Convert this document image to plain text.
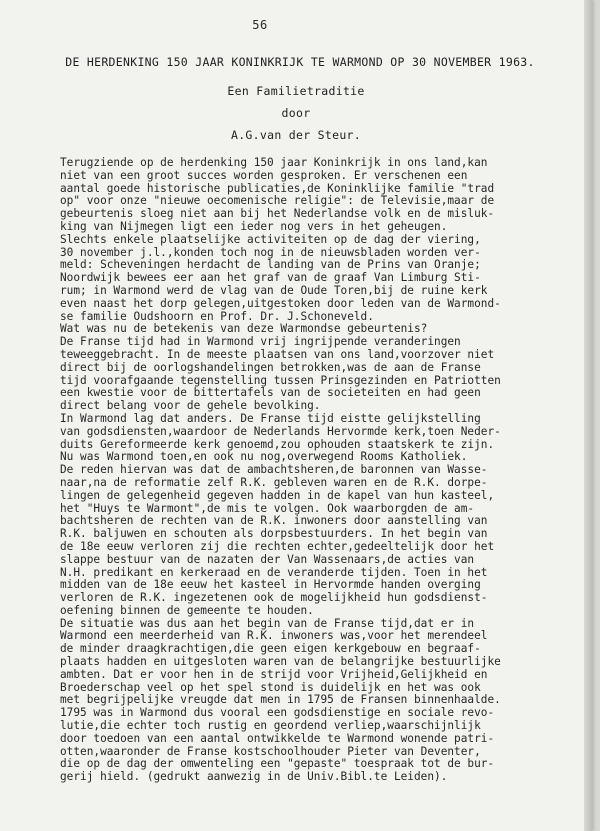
56
DE HERDENKING 150 JAAR KONINKRIJK TE WARMOND OP 30 NOVEMBER 1963.
Een Familietraditie
door
A.G.van der Steur.
Terugziende op de herdenking 150 jaar Koninkrijk in ons land,kan
niet van een groot succes worden gesproken. Er verschenen een
aantal goede historische publicaties,de Koninklijke familie "trad
op" voor onze "nieuwe oecomenische religie": de Televisie,maar de
gebeurtenis sloeg niet aan bij het Nederlandse volk en de misluk-
king van Nijmegen ligt een ieder nog vers in het geheugen.
Slechts enkele plaatselijke activiteiten op de dag der viering,
30 november j.l.,konden toch nog in de nieuwsbladen worden ver-
meld: Scheveningen herdacht de landing van de Prins van Oranje;
Noordwijk bewees eer aan het graf van de graaf Van Limburg Sti-
rum; in Warmond werd de vlag van de Oude Toren,bij de ruine kerk
even naast het dorp gelegen,uitgestoken door leden van de Warmond-
se familie Oudshoorn en Prof. Dr. J.Schoneveld.
Wat was nu de betekenis van deze Warmondse gebeurtenis?
De Franse tijd had in Warmond vrij ingrijpende veranderingen
teweeggebracht. In de meeste plaatsen van ons land,voorzover niet
direct bij de oorlogshandelingen betrokken,was de aan de Franse
tijd voorafgaande tegenstelling tussen Prinsgezinden en Patriotten
een kwestie voor de bittertafels van de societeiten en had geen
direct belang voor de gehele bevolking.
In Warmond lag dat anders. De Franse tijd eistte gelijkstelling
van godsdiensten,waardoor de Nederlands Hervormde kerk,toen Neder-
duits Gereformeerde kerk genoemd,zou ophouden staatskerk te zijn.
Nu was Warmond toen,en ook nu nog,overwegend Rooms Katholiek.
De reden hiervan was dat de ambachtsheren,de baronnen van Wasse-
naar,na de reformatie zelf R.K. gebleven waren en de R.K. dorpe-
lingen de gelegenheid gegeven hadden in de kapel van hun kasteel,
het "Huys te Warmont",de mis te volgen. Ook waarborgden de am-
bachtsheren de rechten van de R.K. inwoners door aanstelling van
R.K. baljuwen en schouten als dorpsbestuurders. In het begin van
de 18e eeuw verloren zij die rechten echter,gedeeltelijk door het
slappe bestuur van de nazaten der Van Wassenaars,de acties van
N.H. predikant en kerkeraad en de veranderde tijden. Toen in het
midden van de 18e eeuw het kasteel in Hervormde handen overging
verloren de R.K. ingezetenen ook de mogelijkheid hun godsdienst-
oefening binnen de gemeente te houden.
De situatie was dus aan het begin van de Franse tijd,dat er in
Warmond een meerderheid van R.K. inwoners was,voor het merendeel
de minder draagkrachtigen,die geen eigen kerkgebouw en begraaf-
plaats hadden en uitgesloten waren van de belangrijke bestuurlijke
ambten. Dat er voor hen in de strijd voor Vrijheid,Gelijkheid en
Broederschap veel op het spel stond is duidelijk en het was ook
met begrijpelijke vreugde dat men in 1795 de Fransen binnenhaalde.
1795 was in Warmond dus vooral een godsdienstige en sociale revo-
lutie,die echter toch rustig en geordend verliep,waarschijnlijk
door toedoen van een aantal ontwikkelde te Warmond wonende patri-
otten,waaronder de Franse kostschoolhouder Pieter van Deventer,
die op de dag der omwenteling een "gepaste" toespraak tot de bur-
gerij hield. (gedrukt aanwezig in de Univ.Bibl.te Leiden).
